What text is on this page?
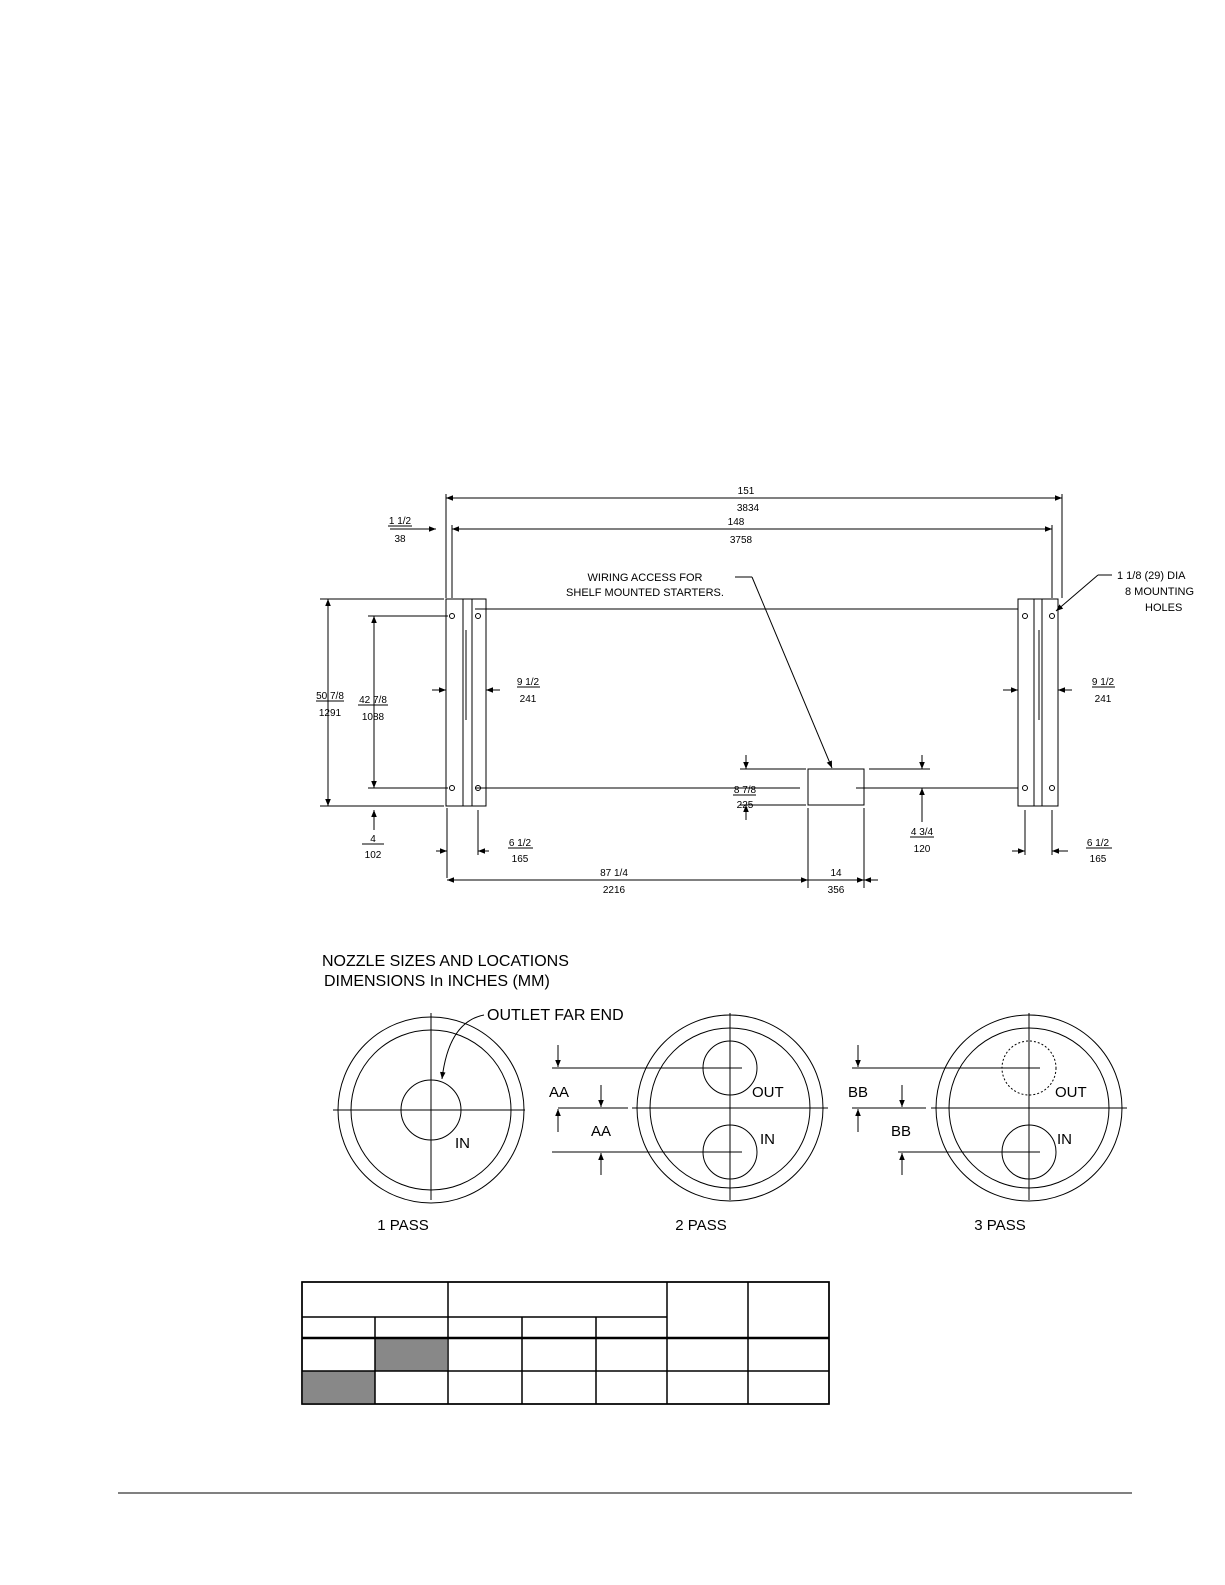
151
3834
148
3758
1 1/2
38
50 7/8
1291
42 7/8
1088
9 1/2
241
9 1/2
241
4
102
6 1/2
165
6 1/2
165
8 7/8
225
4 3/4
120
87 1/4
2216
14
356
WIRING ACCESS FOR
SHELF MOUNTED STARTERS.
1 1/8 (29) DIA
8 MOUNTING
HOLES
NOZZLE SIZES AND LOCATIONS
DIMENSIONS In INCHES (MM)
OUTLET FAR END
IN
OUT
IN
AA
AA
OUT
IN
BB
BB
1 PASS	2 PASS	3 PASS
